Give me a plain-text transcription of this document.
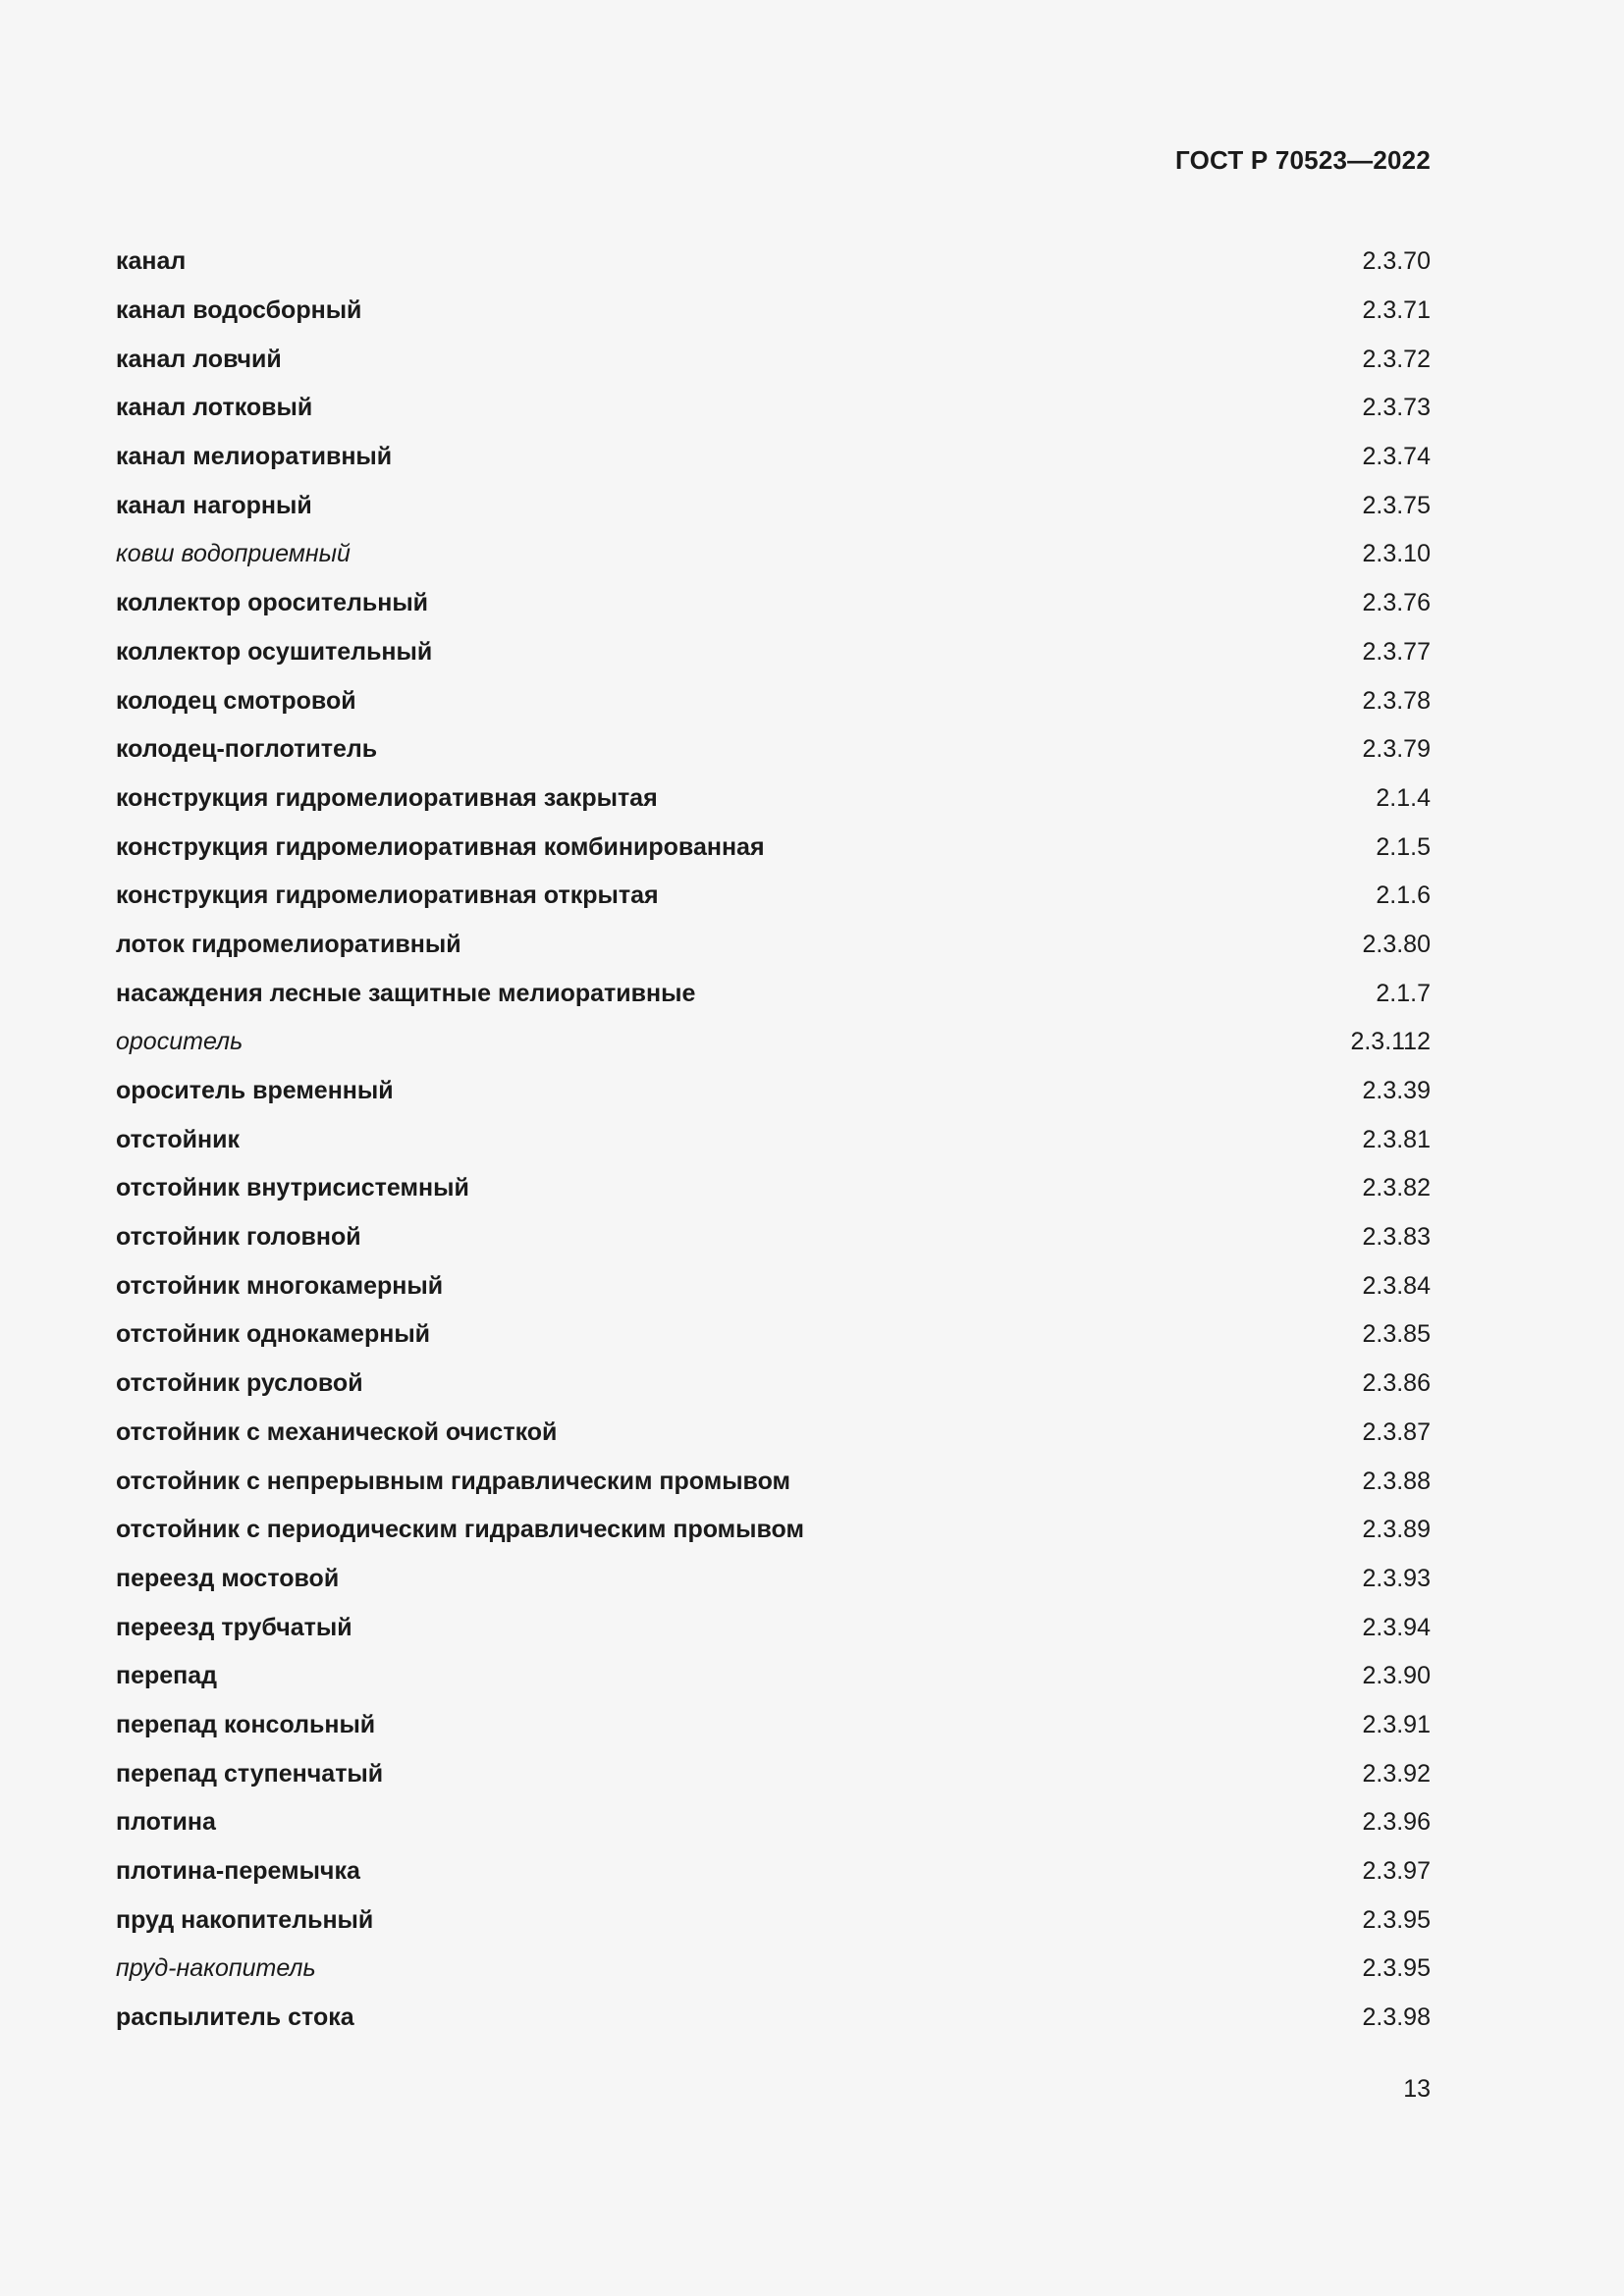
ГОСТ Р 70523—2022
канал	2.3.70
канал водосборный	2.3.71
канал ловчий	2.3.72
канал лотковый	2.3.73
канал мелиоративный	2.3.74
канал нагорный	2.3.75
ковш водоприемный	2.3.10
коллектор оросительный	2.3.76
коллектор осушительный	2.3.77
колодец смотровой	2.3.78
колодец-поглотитель	2.3.79
конструкция гидромелиоративная закрытая	2.1.4
конструкция гидромелиоративная комбинированная	2.1.5
конструкция гидромелиоративная открытая	2.1.6
лоток гидромелиоративный	2.3.80
насаждения лесные защитные мелиоративные	2.1.7
ороситель	2.3.112
ороситель временный	2.3.39
отстойник	2.3.81
отстойник внутрисистемный	2.3.82
отстойник головной	2.3.83
отстойник многокамерный	2.3.84
отстойник однокамерный	2.3.85
отстойник русловой	2.3.86
отстойник с механической очисткой	2.3.87
отстойник с непрерывным гидравлическим промывом	2.3.88
отстойник с периодическим гидравлическим промывом	2.3.89
переезд мостовой	2.3.93
переезд трубчатый	2.3.94
перепад	2.3.90
перепад консольный	2.3.91
перепад ступенчатый	2.3.92
плотина	2.3.96
плотина-перемычка	2.3.97
пруд накопительный	2.3.95
пруд-накопитель	2.3.95
распылитель стока	2.3.98
13
